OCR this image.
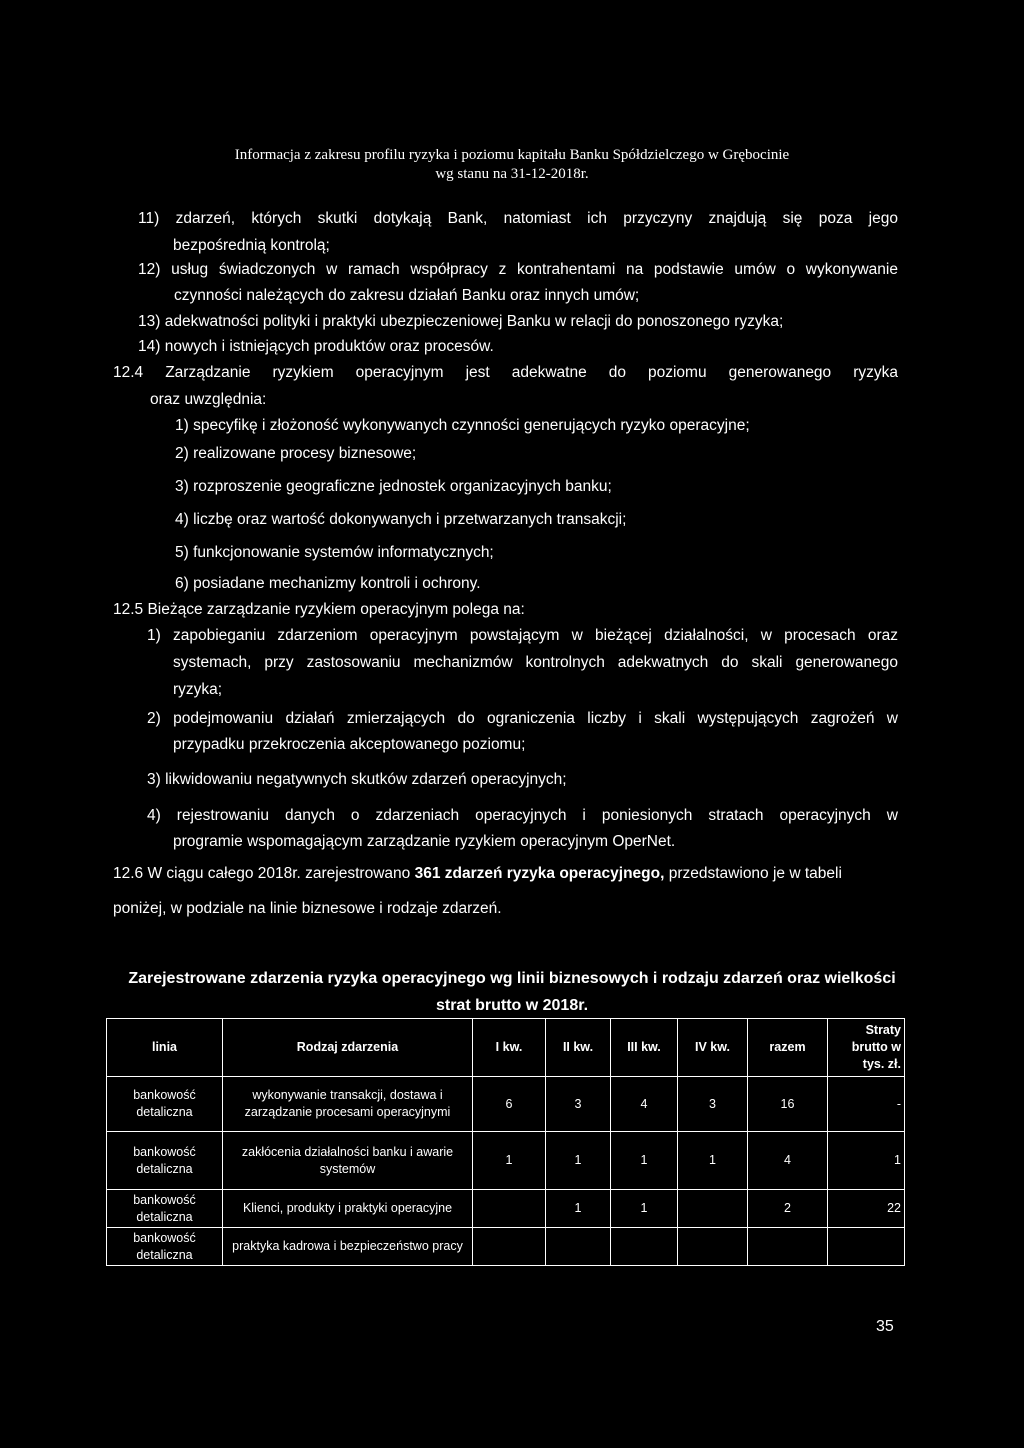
Informacja z zakresu profilu ryzyka i poziomu kapitału Banku Spółdzielczego w Grębocinie
wg stanu na 31-12-2018r.
11) zdarzeń, których skutki dotykają Bank, natomiast ich przyczyny znajdują się poza jego
bezpośrednią kontrolą;
12) usług świadczonych w ramach współpracy z kontrahentami na podstawie umów o wykonywanie
czynności należących do zakresu działań Banku oraz innych umów;
13) adekwatności polityki i praktyki ubezpieczeniowej Banku w relacji do ponoszonego ryzyka;
14) nowych i istniejących produktów oraz procesów.
12.4 Zarządzanie ryzykiem operacyjnym jest adekwatne do poziomu generowanego ryzyka
oraz uwzględnia:
1) specyfikę i złożoność wykonywanych czynności generujących ryzyko operacyjne;
2) realizowane procesy biznesowe;
3) rozproszenie geograficzne jednostek organizacyjnych banku;
4) liczbę oraz wartość dokonywanych i przetwarzanych transakcji;
5) funkcjonowanie systemów informatycznych;
6) posiadane mechanizmy kontroli i ochrony.
12.5 Bieżące zarządzanie ryzykiem operacyjnym polega na:
1) zapobieganiu zdarzeniom operacyjnym powstającym w bieżącej działalności, w procesach oraz
systemach, przy zastosowaniu mechanizmów kontrolnych adekwatnych do skali generowanego
ryzyka;
2) podejmowaniu działań zmierzających do ograniczenia liczby i skali występujących zagrożeń w
przypadku przekroczenia akceptowanego poziomu;
3) likwidowaniu negatywnych skutków zdarzeń operacyjnych;
4) rejestrowaniu danych o zdarzeniach operacyjnych i poniesionych stratach operacyjnych w
programie wspomagającym zarządzanie ryzykiem operacyjnym OperNet.
12.6 W ciągu całego 2018r. zarejestrowano 361 zdarzeń ryzyka operacyjnego, przedstawiono je w tabeli
poniżej, w podziale na linie biznesowe i rodzaje zdarzeń.
Zarejestrowane zdarzenia ryzyka operacyjnego wg linii biznesowych i rodzaju zdarzeń oraz wielkości
strat brutto w 2018r.
linia	Rodzaj zdarzenia	I kw.	II kw.	III kw.	IV kw.	razem	Straty brutto w tys. zł.
bankowość detaliczna	wykonywanie transakcji, dostawa i zarządzanie procesami operacyjnymi	6	3	4	3	16	-
bankowość detaliczna	zakłócenia działalności banku i awarie systemów	1	1	1	1	4	1
bankowość detaliczna	Klienci, produkty i praktyki operacyjne		1	1		2	22
bankowość detaliczna	praktyka kadrowa i bezpieczeństwo pracy						
35
